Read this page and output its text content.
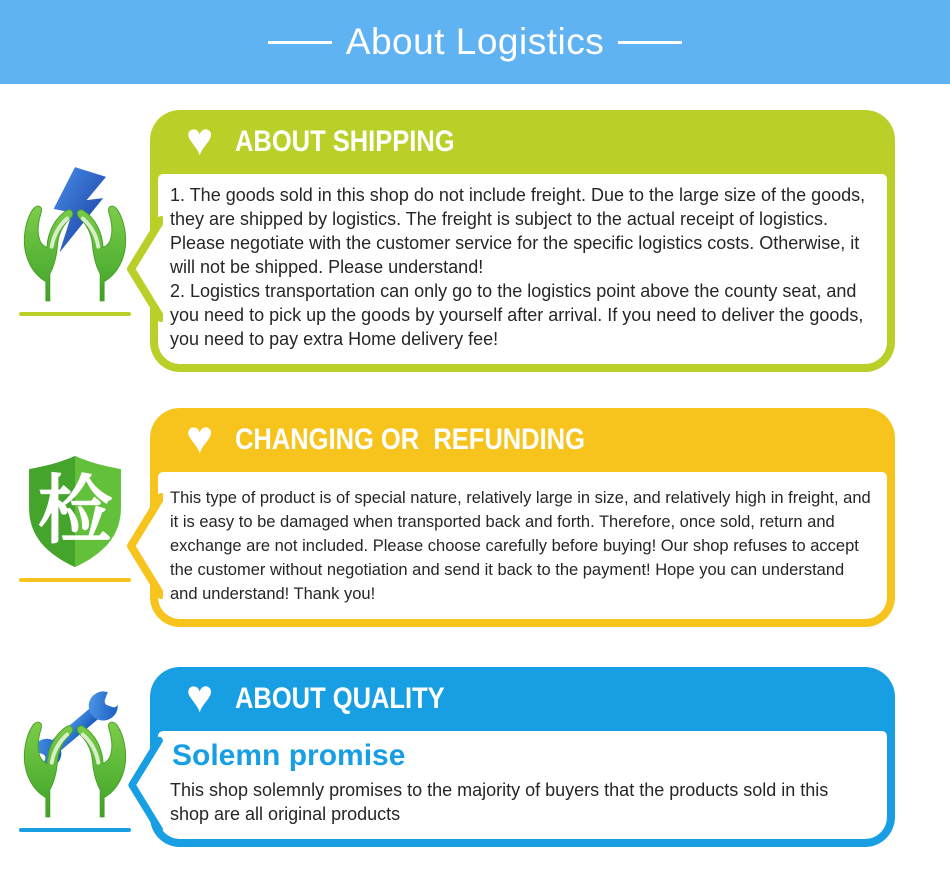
About Logistics
♥ ABOUT SHIPPING

1. The goods sold in this shop do not include freight. Due to the large size of the goods, they are shipped by logistics. The freight is subject to the actual receipt of logistics. Please negotiate with the customer service for the specific logistics costs. Otherwise, it will not be shipped. Please understand!

2. Logistics transportation can only go to the logistics point above the county seat, and you need to pick up the goods by yourself after arrival. If you need to deliver the goods, you need to pay extra Home delivery fee!

检
♥ CHANGING OR  REFUNDING

This type of product is of special nature, relatively large in size, and relatively high in freight, and it is easy to be damaged when transported back and forth. Therefore, once sold, return and exchange are not included. Please choose carefully before buying! Our shop refuses to accept the customer without negotiation and send it back to the payment! Hope you can understand and understand! Thank you!

♥ ABOUT QUALITY
Solemn promise

This shop solemnly promises to the majority of buyers that the products sold in this shop are all original products
